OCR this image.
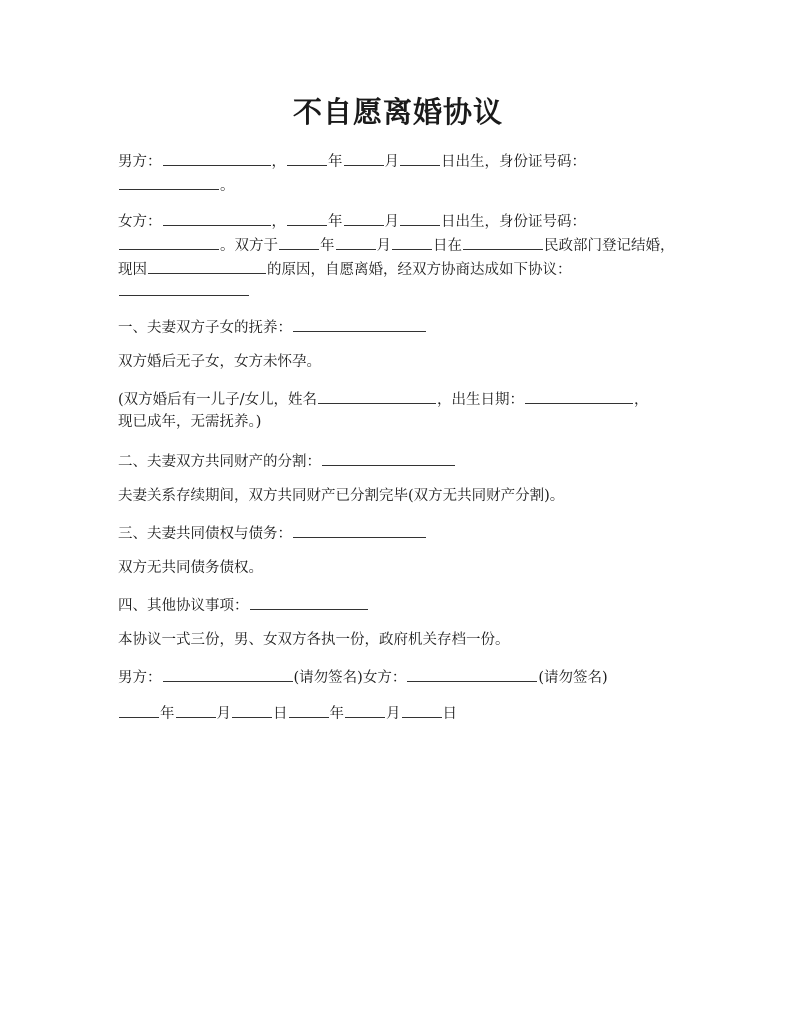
不自愿离婚协议
男方：	，	年	月	日出生，身份证号码：
。
女方：	，	年	月	日出生，身份证号码：
。双方于	年	月	日在	民政部门登记结婚，
现因	的原因，自愿离婚，经双方协商达成如下协议：
一、夫妻双方子女的抚养：
双方婚后无子女，女方未怀孕。
(双方婚后有一儿子/女儿，姓名	，出生日期：	，
现已成年，无需抚养。)
二、夫妻双方共同财产的分割：
夫妻关系存续期间，双方共同财产已分割完毕(双方无共同财产分割)。
三、夫妻共同债权与债务：
双方无共同债务债权。
四、其他协议事项：
本协议一式三份，男、女双方各执一份，政府机关存档一份。
男方：	(请勿签名)女方：	(请勿签名)
年	月	日	年	月	日
